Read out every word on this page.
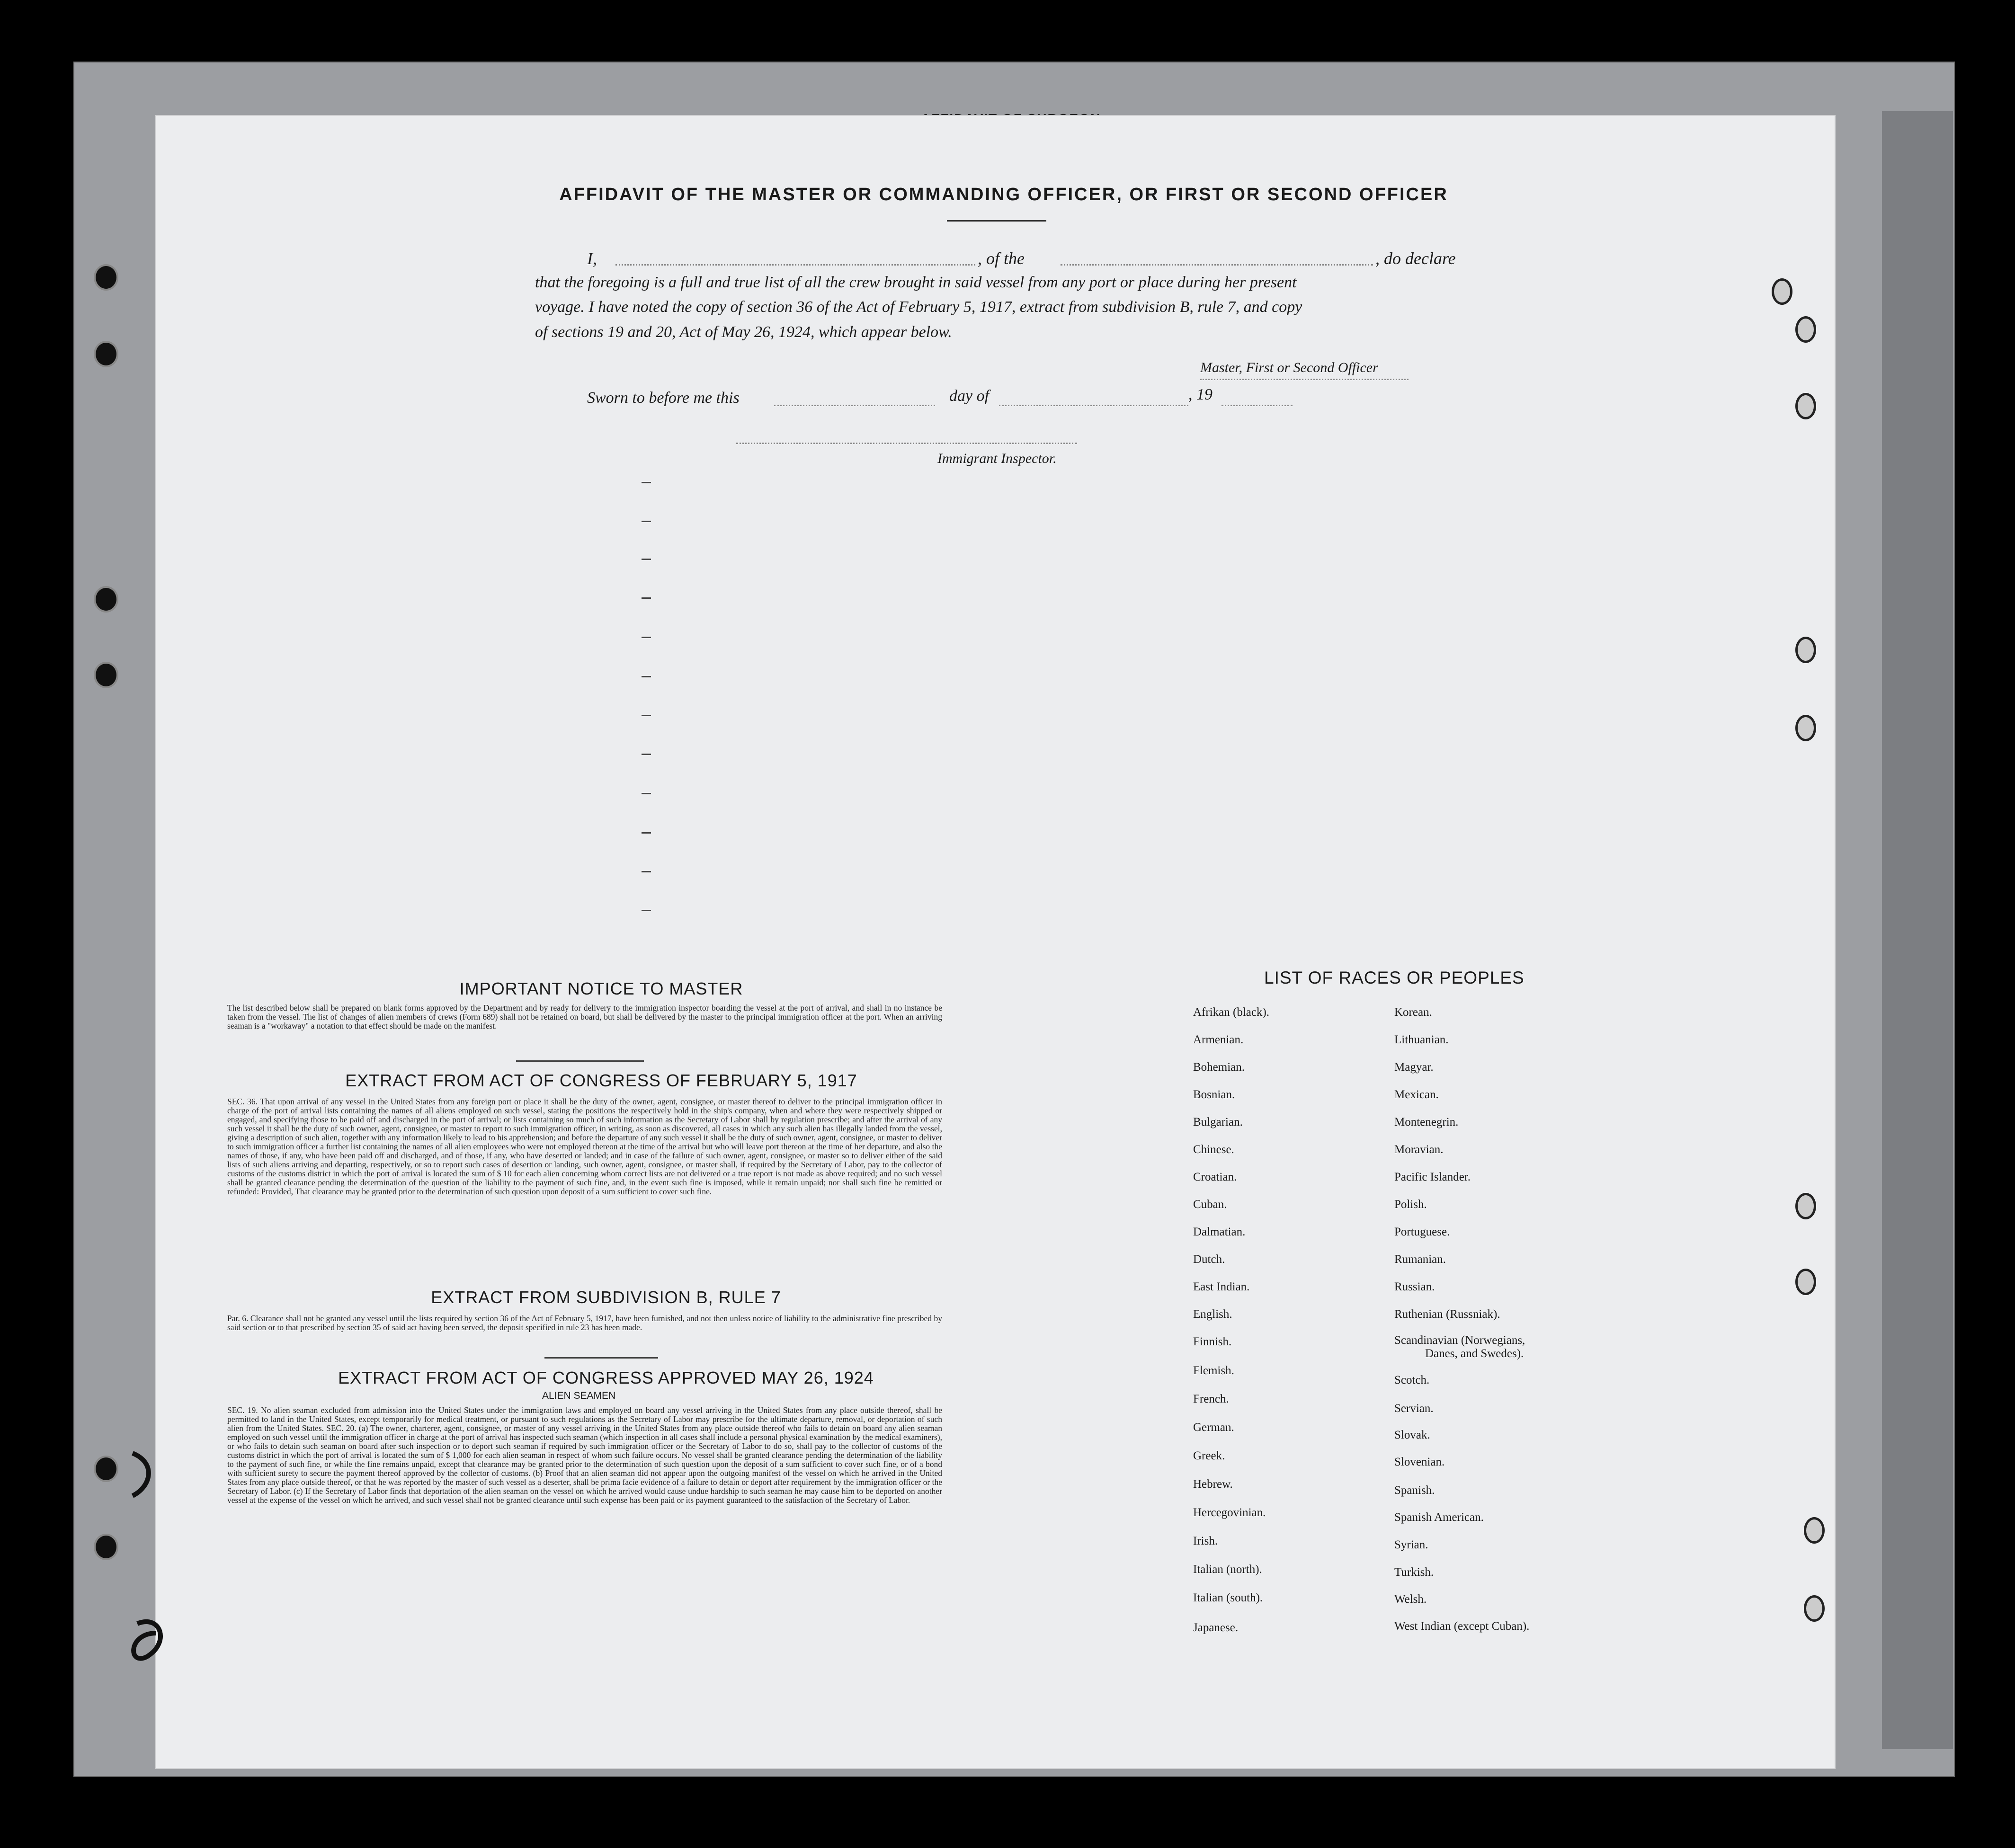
AFFIDAVIT OF THE MASTER OR COMMANDING OFFICER, OR FIRST OR SECOND OFFICER
I,	, of the	, do declare
that the foregoing is a full and true list of all the crew brought in said vessel from any port or place during her present
voyage. I have noted the copy of section 36 of the Act of February 5, 1917, extract from subdivision B, rule 7, and copy
of sections 19 and 20, Act of May 26, 1924, which appear below.
Master, First or Second Officer
Sworn to before me this	day of	, 19
Immigrant Inspector.
IMPORTANT NOTICE TO MASTER
The list described below shall be prepared on blank forms approved by the Department and by ready for delivery to the immigration inspector boarding the vessel at the port of arrival, and shall in no instance be taken from the vessel. The list of changes of alien members of crews (Form 689) shall not be retained on board, but shall be delivered by the master to the principal immigration officer at the port. When an arriving seaman is a "workaway" a notation to that effect should be made on the manifest.
EXTRACT FROM ACT OF CONGRESS OF FEBRUARY 5, 1917
SEC. 36. That upon arrival of any vessel in the United States from any foreign port or place it shall be the duty of the owner, agent, consignee, or master thereof to deliver to the principal immigration officer in charge of the port of arrival lists containing the names of all aliens employed on such vessel, stating the positions the respectively hold in the ship's company, when and where they were respectively shipped or engaged, and specifying those to be paid off and discharged in the port of arrival; or lists containing so much of such information as the Secretary of Labor shall by regulation prescribe; and after the arrival of any such vessel it shall be the duty of such owner, agent, consignee, or master to report to such immigration officer, in writing, as soon as discovered, all cases in which any such alien has illegally landed from the vessel, giving a description of such alien, together with any information likely to lead to his apprehension; and before the departure of any such vessel it shall be the duty of such owner, agent, consignee, or master to deliver to such immigration officer a further list containing the names of all alien employees who were not employed thereon at the time of the arrival but who will leave port thereon at the time of her departure, and also the names of those, if any, who have been paid off and discharged, and of those, if any, who have deserted or landed; and in case of the failure of such owner, agent, consignee, or master so to deliver either of the said lists of such aliens arriving and departing, respectively, or so to report such cases of desertion or landing, such owner, agent, consignee, or master shall, if required by the Secretary of Labor, pay to the collector of customs of the customs district in which the port of arrival is located the sum of $ 10 for each alien concerning whom correct lists are not delivered or a true report is not made as above required; and no such vessel shall be granted clearance pending the determination of the question of the liability to the payment of such fine, and, in the event such fine is imposed, while it remain unpaid; nor shall such fine be remitted or refunded: Provided, That clearance may be granted prior to the determination of such question upon deposit of a sum sufficient to cover such fine.
EXTRACT FROM SUBDIVISION B, RULE 7
Par. 6. Clearance shall not be granted any vessel until the lists required by section 36 of the Act of February 5, 1917, have been furnished, and not then unless notice of liability to the administrative fine prescribed by said section or to that prescribed by section 35 of said act having been served, the deposit specified in rule 23 has been made.
EXTRACT FROM ACT OF CONGRESS APPROVED MAY 26, 1924
ALIEN SEAMEN
SEC. 19. No alien seaman excluded from admission into the United States under the immigration laws and employed on board any vessel arriving in the United States from any place outside thereof, shall be permitted to land in the United States, except temporarily for medical treatment, or pursuant to such regulations as the Secretary of Labor may prescribe for the ultimate departure, removal, or deportation of such alien from the United States. SEC. 20. (a) The owner, charterer, agent, consignee, or master of any vessel arriving in the United States from any place outside thereof who fails to detain on board any alien seaman employed on such vessel until the immigration officer in charge at the port of arrival has inspected such seaman (which inspection in all cases shall include a personal physical examination by the medical examiners), or who fails to detain such seaman on board after such inspection or to deport such seaman if required by such immigration officer or the Secretary of Labor to do so, shall pay to the collector of customs of the customs district in which the port of arrival is located the sum of $ 1,000 for each alien seaman in respect of whom such failure occurs. No vessel shall be granted clearance pending the determination of the liability to the payment of such fine, or while the fine remains unpaid, except that clearance may be granted prior to the determination of such question upon the deposit of a sum sufficient to cover such fine, or of a bond with sufficient surety to secure the payment thereof approved by the collector of customs. (b) Proof that an alien seaman did not appear upon the outgoing manifest of the vessel on which he arrived in the United States from any place outside thereof, or that he was reported by the master of such vessel as a deserter, shall be prima facie evidence of a failure to detain or deport after requirement by the immigration officer or the Secretary of Labor. (c) If the Secretary of Labor finds that deportation of the alien seaman on the vessel on which he arrived would cause undue hardship to such seaman he may cause him to be deported on another vessel at the expense of the vessel on which he arrived, and such vessel shall not be granted clearance until such expense has been paid or its payment guaranteed to the satisfaction of the Secretary of Labor.
LIST OF RACES OR PEOPLES
Afrikan (black).
Armenian.
Bohemian.
Bosnian.
Bulgarian.
Chinese.
Croatian.
Cuban.
Dalmatian.
Dutch.
East Indian.
English.
Finnish.
Flemish.
French.
German.
Greek.
Hebrew.
Hercegovinian.
Irish.
Italian (north).
Italian (south).
Japanese.
Korean.
Lithuanian.
Magyar.
Mexican.
Montenegrin.
Moravian.
Pacific Islander.
Polish.
Portuguese.
Rumanian.
Russian.
Ruthenian (Russniak).
Scandinavian (Norwegians,
Danes, and Swedes).
Scotch.
Servian.
Slovak.
Slovenian.
Spanish.
Spanish American.
Syrian.
Turkish.
Welsh.
West Indian (except Cuban).
